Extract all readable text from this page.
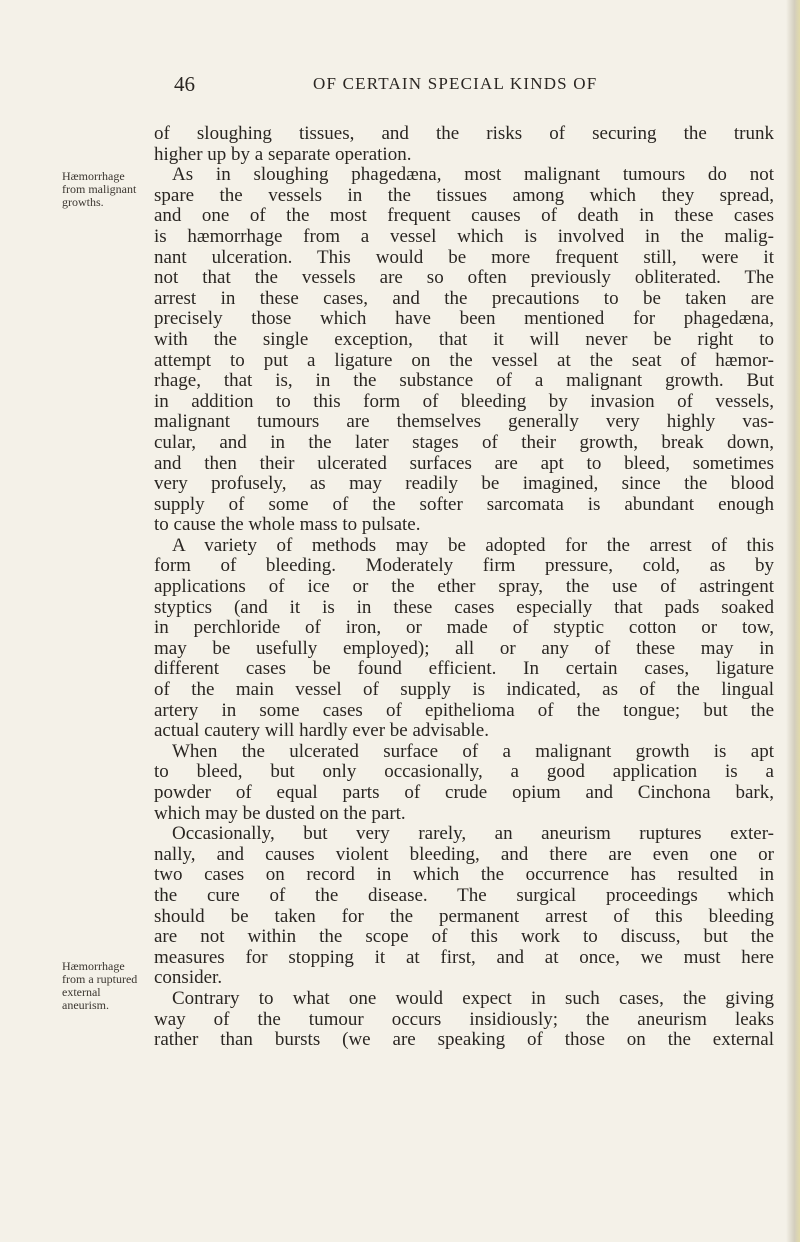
46	OF CERTAIN SPECIAL KINDS OF
Hæmorrhage
from malignant
growths.
Hæmorrhage
from a ruptured
external
aneurism.
of sloughing tissues, and the risks of securing the trunk
higher up by a separate operation.
As in sloughing phagedæna, most malignant tumours do not
spare the vessels in the tissues among which they spread,
and one of the most frequent causes of death in these cases
is hæmorrhage from a vessel which is involved in the malig-
nant ulceration. This would be more frequent still, were it
not that the vessels are so often previously obliterated. The
arrest in these cases, and the precautions to be taken are
precisely those which have been mentioned for phagedæna,
with the single exception, that it will never be right to
attempt to put a ligature on the vessel at the seat of hæmor-
rhage, that is, in the substance of a malignant growth. But
in addition to this form of bleeding by invasion of vessels,
malignant tumours are themselves generally very highly vas-
cular, and in the later stages of their growth, break down,
and then their ulcerated surfaces are apt to bleed, sometimes
very profusely, as may readily be imagined, since the blood
supply of some of the softer sarcomata is abundant enough
to cause the whole mass to pulsate.
A variety of methods may be adopted for the arrest of this
form of bleeding. Moderately firm pressure, cold, as by
applications of ice or the ether spray, the use of astringent
styptics (and it is in these cases especially that pads soaked
in perchloride of iron, or made of styptic cotton or tow,
may be usefully employed); all or any of these may in
different cases be found efficient. In certain cases, ligature
of the main vessel of supply is indicated, as of the lingual
artery in some cases of epithelioma of the tongue; but the
actual cautery will hardly ever be advisable.
When the ulcerated surface of a malignant growth is apt
to bleed, but only occasionally, a good application is a
powder of equal parts of crude opium and Cinchona bark,
which may be dusted on the part.
Occasionally, but very rarely, an aneurism ruptures exter-
nally, and causes violent bleeding, and there are even one or
two cases on record in which the occurrence has resulted in
the cure of the disease. The surgical proceedings which
should be taken for the permanent arrest of this bleeding
are not within the scope of this work to discuss, but the
measures for stopping it at first, and at once, we must here
consider.
Contrary to what one would expect in such cases, the giving
way of the tumour occurs insidiously; the aneurism leaks
rather than bursts (we are speaking of those on the external
